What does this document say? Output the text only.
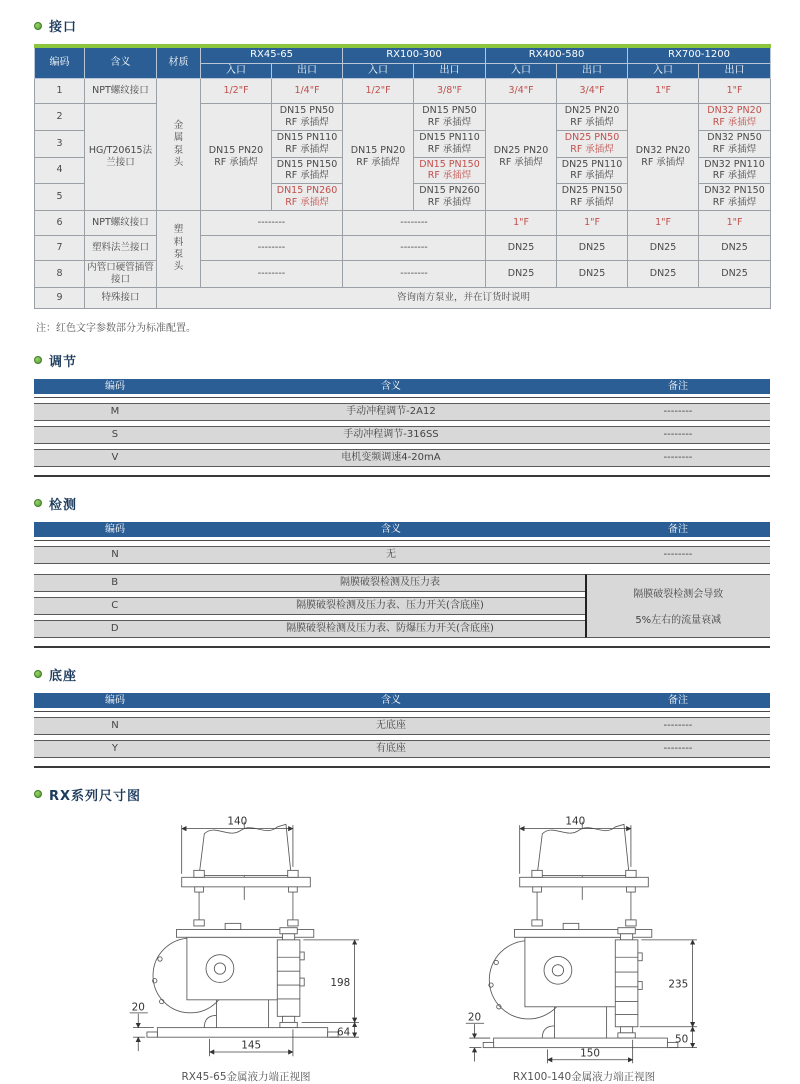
接口
编码	含义	材质	RX45-65		RX100-300		RX400-580		RX700-1200	
			入口	出口	入口	出口	入口	出口	入口	出口
1	NPT螺纹接口	金属泵头	1/2"F	1/4"F	1/2"F	3/8"F	3/4"F	3/4"F	1"F	1"F
2	HG/T20615法兰接口		DN15 PN20 RF 承插焊	DN15 PN50 RF 承插焊	DN15 PN20 RF 承插焊	DN15 PN50 RF 承插焊	DN25 PN20 RF 承插焊	DN25 PN20 RF 承插焊	DN32 PN20 RF 承插焊	DN32 PN20 RF 承插焊
3				DN15 PN110 RF 承插焊		DN15 PN110 RF 承插焊		DN25 PN50 RF 承插焊		DN32 PN50 RF 承插焊
4				DN15 PN150 RF 承插焊		DN15 PN150 RF 承插焊		DN25 PN110 RF 承插焊		DN32 PN110 RF 承插焊
5				DN15 PN260 RF 承插焊		DN15 PN260 RF 承插焊		DN25 PN150 RF 承插焊		DN32 PN150 RF 承插焊
6	NPT螺纹接口	塑料泵头	--------		--------		1"F	1"F	1"F	1"F
7	塑料法兰接口		--------		--------		DN25	DN25	DN25	DN25
8	内管口硬管插管接口		--------		--------		DN25	DN25	DN25	DN25
9	特殊接口	咨询南方泵业，并在订货时说明								
注：红色文字参数部分为标准配置。
调节
编码	含义	备注
M	手动冲程调节-2A12	--------
S	手动冲程调节-316SS	--------
V	电机变频调速4-20mA	--------
检测
编码	含义	备注
N	无	--------
B	隔膜破裂检测及压力表
C	隔膜破裂检测及压力表、压力开关(含底座)
D	隔膜破裂检测及压力表、防爆压力开关(含底座)
隔膜破裂检测会导致
5%左右的流量衰减
底座
编码	含义	备注
N	无底座	--------
Y	有底座	--------
RX系列尺寸图
140
198
64
20
145
RX45-65金属液力端正视图
140
235
50
20
150
RX100-140金属液力端正视图
